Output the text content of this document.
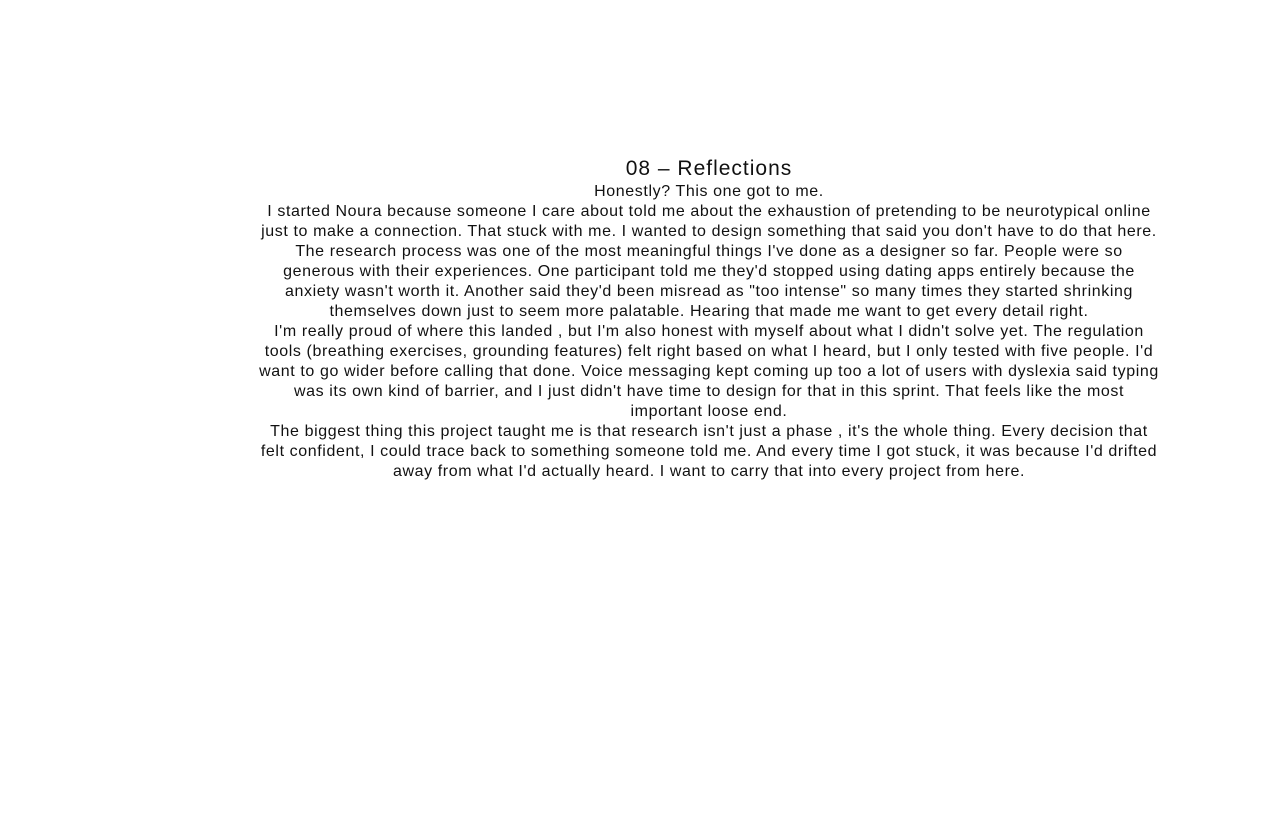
08 – Reflections

Honestly? This one got to me.

I started Noura because someone I care about told me about the exhaustion of pretending to be neurotypical online just to make a connection. That stuck with me. I wanted to design something that said you don't have to do that here.

The research process was one of the most meaningful things I've done as a designer so far. People were so generous with their experiences. One participant told me they'd stopped using dating apps entirely because the anxiety wasn't worth it. Another said they'd been misread as "too intense" so many times they started shrinking themselves down just to seem more palatable. Hearing that made me want to get every detail right.

I'm really proud of where this landed , but I'm also honest with myself about what I didn't solve yet. The regulation tools (breathing exercises, grounding features) felt right based on what I heard, but I only tested with five people. I'd want to go wider before calling that done. Voice messaging kept coming up too a lot of users with dyslexia said typing was its own kind of barrier, and I just didn't have time to design for that in this sprint. That feels like the most important loose end.

The biggest thing this project taught me is that research isn't just a phase , it's the whole thing. Every decision that felt confident, I could trace back to something someone told me. And every time I got stuck, it was because I'd drifted away from what I'd actually heard. I want to carry that into every project from here.
